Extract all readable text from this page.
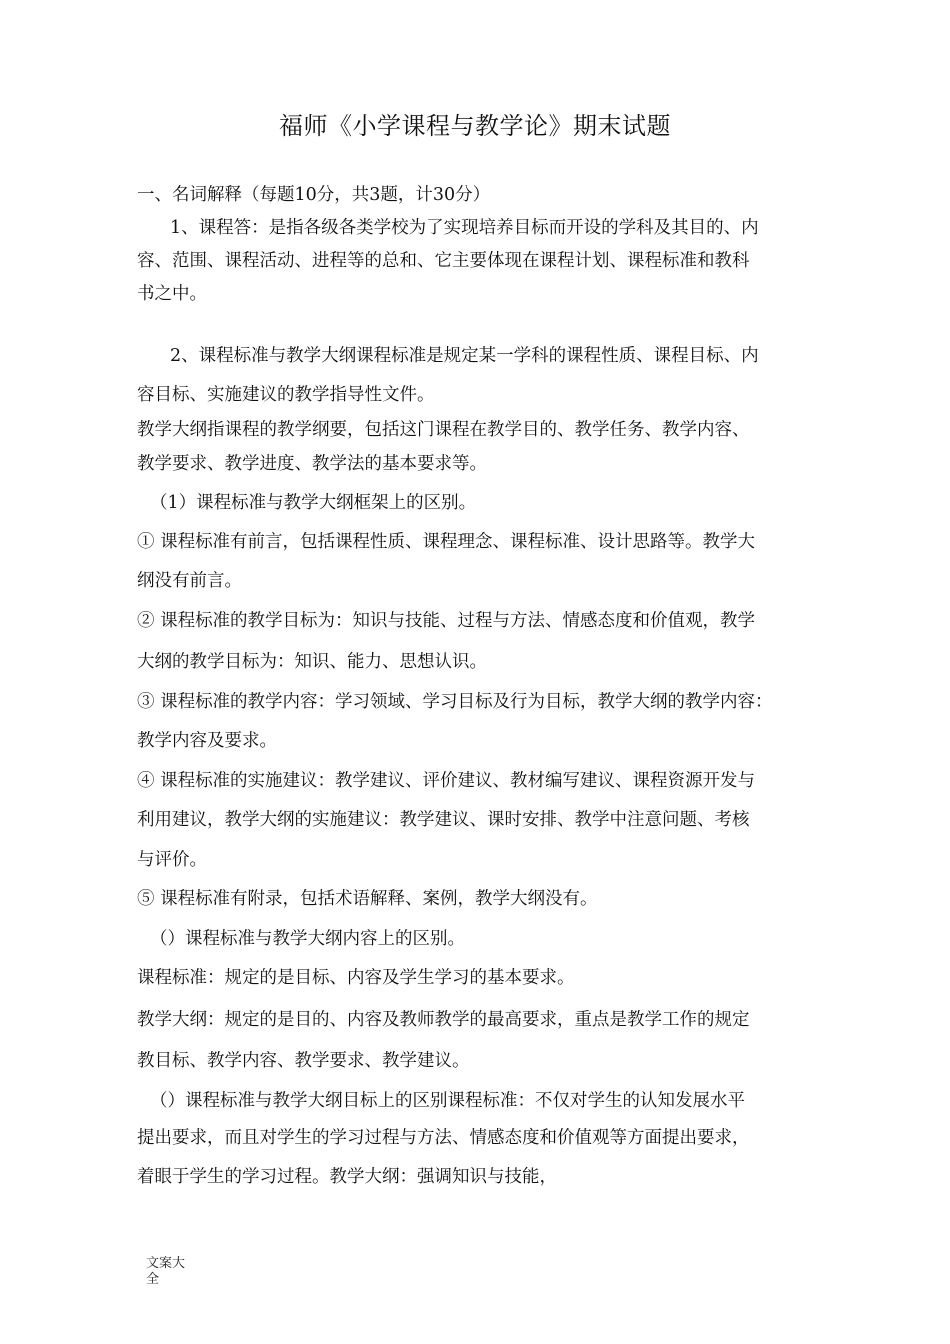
福师《小学课程与教学论》期末试题
一、名词解释（每题10分，共3题，计30分）
1、课程答：是指各级各类学校为了实现培养目标而开设的学科及其目的、内
容、范围、课程活动、进程等的总和、它主要体现在课程计划、课程标准和教科
书之中。
2、课程标准与教学大纲课程标准是规定某一学科的课程性质、课程目标、内
容目标、实施建议的教学指导性文件。
教学大纲指课程的教学纲要，包括这门课程在教学目的、教学任务、教学内容、
教学要求、教学进度、教学法的基本要求等。
（1）课程标准与教学大纲框架上的区别。
① 课程标准有前言，包括课程性质、课程理念、课程标准、设计思路等。教学大
纲没有前言。
② 课程标准的教学目标为：知识与技能、过程与方法、情感态度和价值观，教学
大纲的教学目标为：知识、能力、思想认识。
③ 课程标准的教学内容：学习领域、学习目标及行为目标，教学大纲的教学内容：
教学内容及要求。
④ 课程标准的实施建议：教学建议、评价建议、教材编写建议、课程资源开发与
利用建议，教学大纲的实施建议：教学建议、课时安排、教学中注意问题、考核
与评价。
⑤ 课程标准有附录，包括术语解释、案例，教学大纲没有。
（）课程标准与教学大纲内容上的区别。
课程标准：规定的是目标、内容及学生学习的基本要求。
教学大纲：规定的是目的、内容及教师教学的最高要求，重点是教学工作的规定
教目标、教学内容、教学要求、教学建议。
（）课程标准与教学大纲目标上的区别课程标准：不仅对学生的认知发展水平
提出要求，而且对学生的学习过程与方法、情感态度和价值观等方面提出要求，
着眼于学生的学习过程。教学大纲：强调知识与技能，
文案大全
